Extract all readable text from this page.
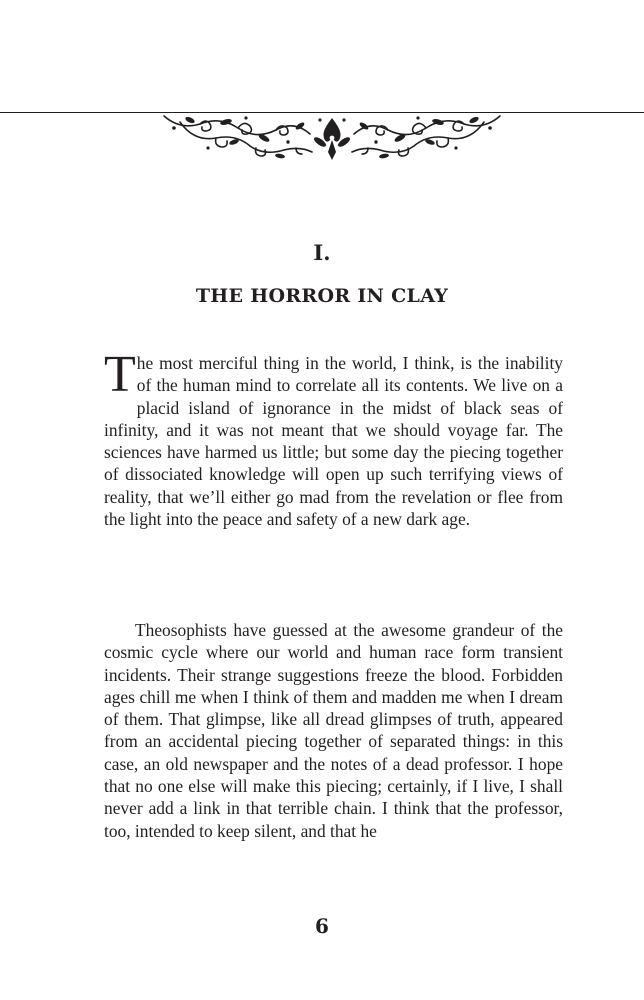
I.
THE HORROR IN CLAY

The most merciful thing in the world, I think, is the inability of the human mind to correlate all its contents. We live on a placid island of ignorance in the midst of black seas of infinity, and it was not meant that we should voyage far. The sciences have harmed us little; but some day the piecing together of dissociated knowledge will open up such terrifying views of reality, that we’ll either go mad from the revelation or flee from the light into the peace and safety of a new dark age.

Theosophists have guessed at the awesome grandeur of the cosmic cycle where our world and human race form transient incidents. Their strange suggestions freeze the blood. Forbidden ages chill me when I think of them and madden me when I dream of them. That glimpse, like all dread glimpses of truth, appeared from an accidental piecing together of separated things: in this case, an old newspaper and the notes of a dead professor. I hope that no one else will make this piecing; certainly, if I live, I shall never add a link in that terrible chain. I think that the professor, too, intended to keep silent, and that he

6
